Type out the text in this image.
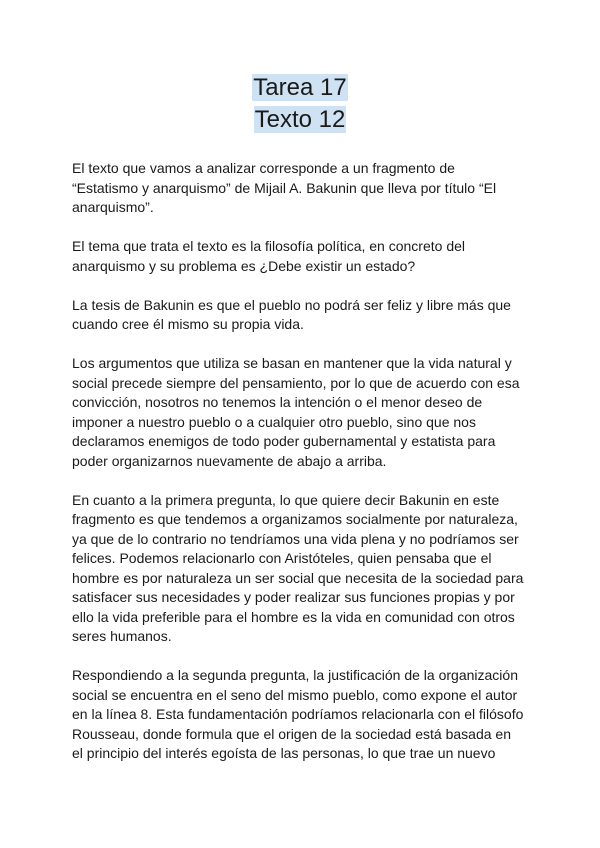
Tarea 17
Texto 12
El texto que vamos a analizar corresponde a un fragmento de
“Estatismo y anarquismo” de Mijail A. Bakunin que lleva por título “El
anarquismo”.
El tema que trata el texto es la filosofía política, en concreto del
anarquismo y su problema es ¿Debe existir un estado?
La tesis de Bakunin es que el pueblo no podrá ser feliz y libre más que
cuando cree él mismo su propia vida.
Los argumentos que utiliza se basan en mantener que la vida natural y
social precede siempre del pensamiento, por lo que de acuerdo con esa
convicción, nosotros no tenemos la intención o el menor deseo de
imponer a nuestro pueblo o a cualquier otro pueblo, sino que nos
declaramos enemigos de todo poder gubernamental y estatista para
poder organizarnos nuevamente de abajo a arriba.
En cuanto a la primera pregunta, lo que quiere decir Bakunin en este
fragmento es que tendemos a organizamos socialmente por naturaleza,
ya que de lo contrario no tendríamos una vida plena y no podríamos ser
felices. Podemos relacionarlo con Aristóteles, quien pensaba que el
hombre es por naturaleza un ser social que necesita de la sociedad para
satisfacer sus necesidades y poder realizar sus funciones propias y por
ello la vida preferible para el hombre es la vida en comunidad con otros
seres humanos.
Respondiendo a la segunda pregunta, la justificación de la organización
social se encuentra en el seno del mismo pueblo, como expone el autor
en la línea 8. Esta fundamentación podríamos relacionarla con el filósofo
Rousseau, donde formula que el origen de la sociedad está basada en
el principio del interés egoísta de las personas, lo que trae un nuevo
